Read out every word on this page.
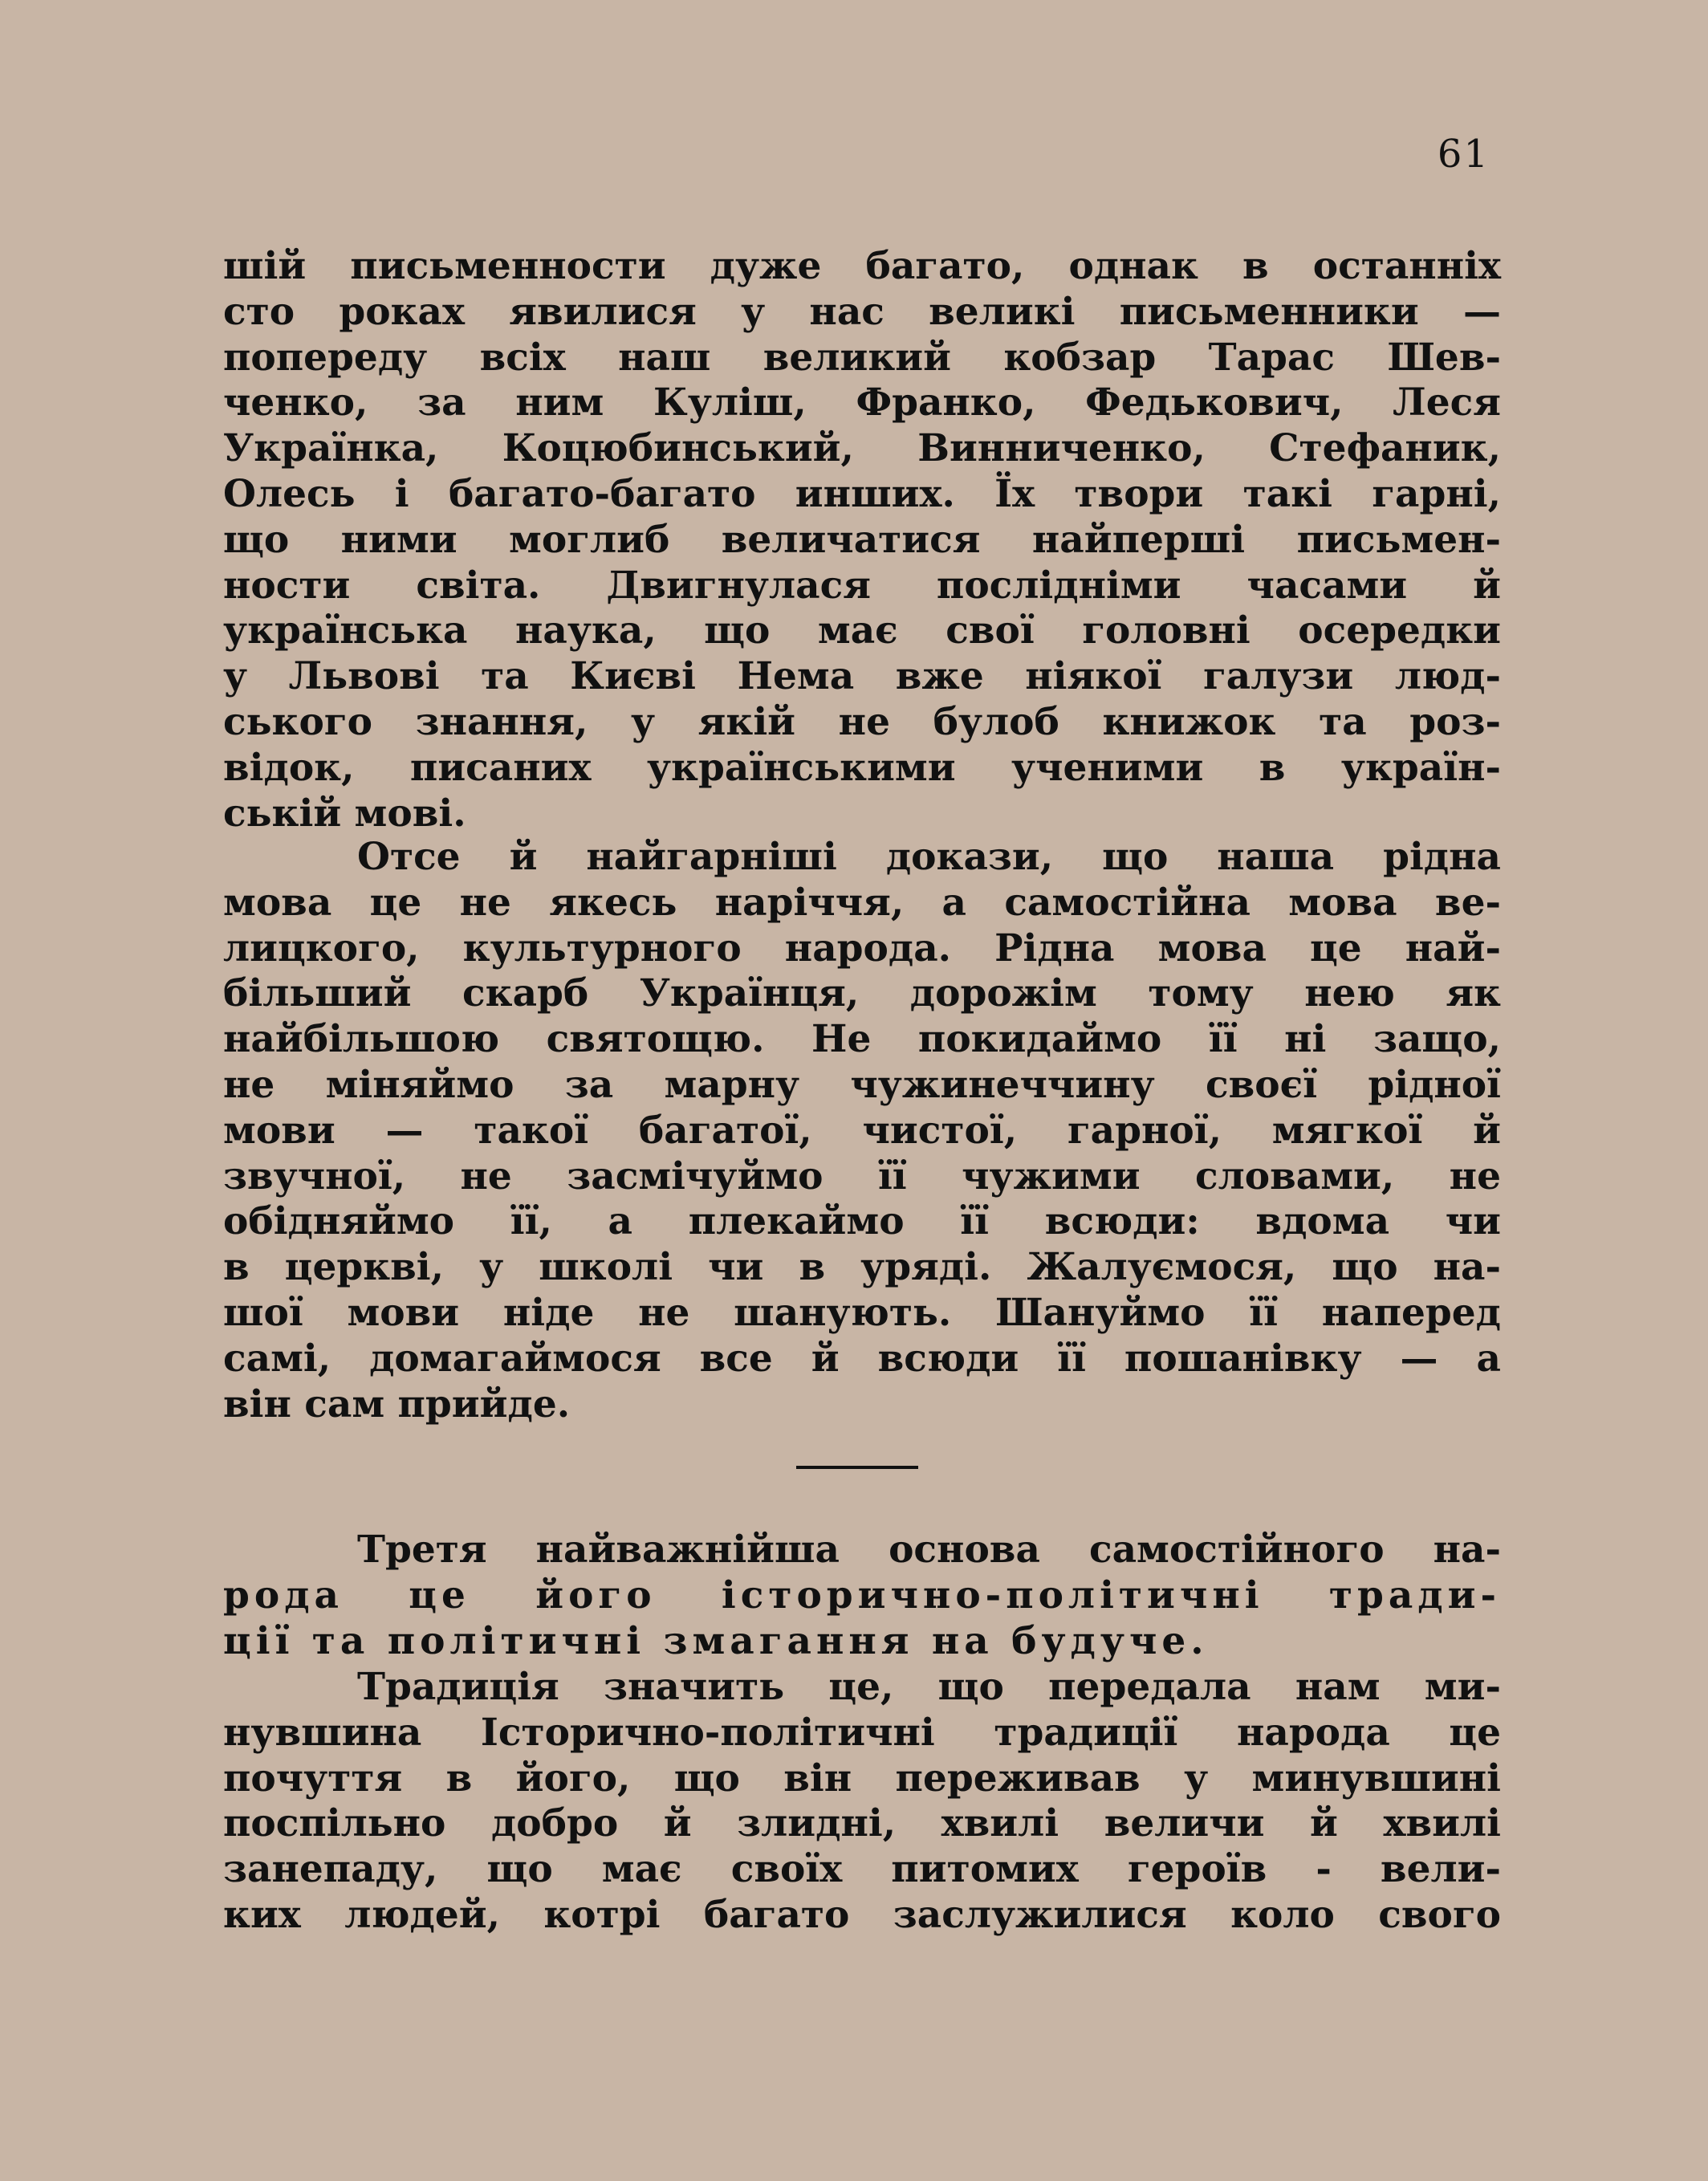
61
шій письменности дуже багато, однак в останніх
сто роках явилися у нас великі письменники —
попереду всіх наш великий кобзар Тарас Шев-
ченко, за ним Куліш, Франко, Федькович, Леся
Українка, Коцюбинський, Винниченко, Стефаник,
Олесь і багато-багато инших. Їх твори такі гарні,
що ними моглиб величатися найперші письмен-
ности світа. Двигнулася послідніми часами й
українська наука, що має свої головні осередки
у Львові та Києві Нема вже ніякої галузи люд-
ського знання, у якій не булоб книжок та роз-
відок, писаних українськими ученими в україн-
ській мові.
Отсе й найгарніші докази, що наша рідна
мова це не якесь наріччя, а самостійна мова ве-
лицкого, культурного народа. Рідна мова це най-
більший скарб Українця, дорожім тому нею як
найбільшою святощю. Не покидаймо її ні защо,
не міняймо за марну чужинеччину своєї рідної
мови — такої багатої, чистої, гарної, мягкої й
звучної, не засмічуймо її чужими словами, не
обідняймо її, а плекаймо її всюди: вдома чи
в церкві, у школі чи в уряді. Жалуємося, що на-
шої мови ніде не шанують. Шануймо її наперед
самі, домагаймося все й всюди її пошанівку — а
він сам прийде.
Третя найважнійша основа самостійного на-
рода це його історично-політичні тради-
ції та політичні змагання на будуче.
Традиція значить це, що передала нам ми-
нувшина Історично-політичні традиції народа це
почуття в його, що він переживав у минувшині
поспільно добро й злидні, хвилі величи й хвилі
занепаду, що має своїх питомих героїв - вели-
ких людей, котрі багато заслужилися коло свого
